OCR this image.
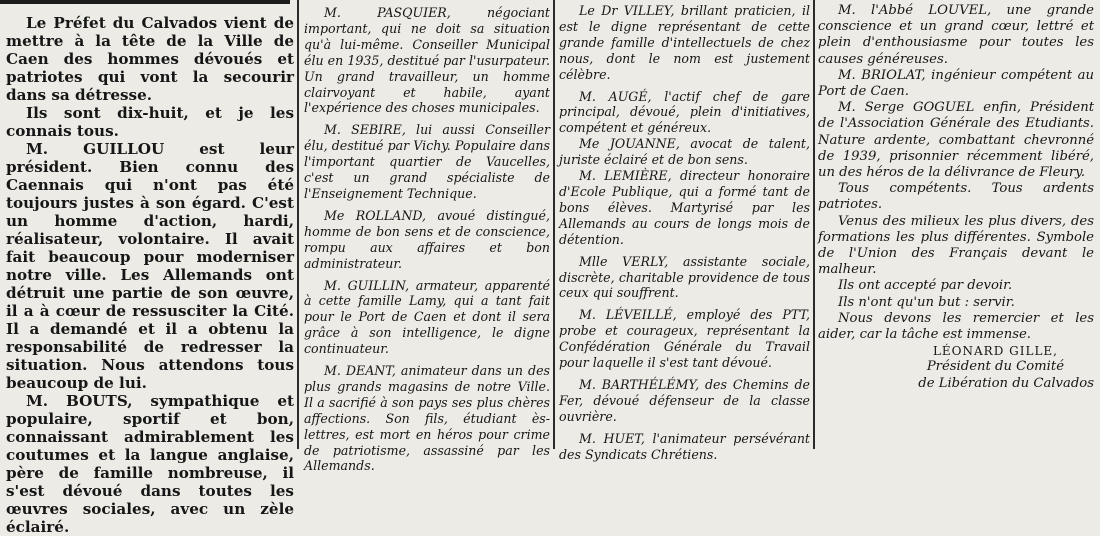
Le Préfet du Calvados vient de mettre à la tête de la Ville de Caen des hommes dévoués et patriotes qui vont la secourir dans sa détresse.

Ils sont dix-huit, et je les connais tous.

M. GUILLOU est leur président. Bien connu des Caennais qui n'ont pas été toujours justes à son égard. C'est un homme d'action, hardi, réalisateur, volontaire. Il avait fait beaucoup pour moderniser notre ville. Les Allemands ont détruit une partie de son œuvre, il a à cœur de ressusciter la Cité. Il a demandé et il a obtenu la responsabilité de redresser la situation. Nous attendons tous beaucoup de lui.

M. BOUTS, sympathique et populaire, sportif et bon, connaissant admirablement les coutumes et la langue anglaise, père de famille nombreuse, il s'est dévoué dans toutes les œuvres sociales, avec un zèle éclairé.

M. PASQUIER, négociant important, qui ne doit sa situation qu'à lui-même. Conseiller Municipal élu en 1935, destitué par l'usurpateur. Un grand travailleur, un homme clairvoyant et habile, ayant l'expérience des choses municipales.

M. SEBIRE, lui aussi Conseiller élu, destitué par Vichy. Populaire dans l'important quartier de Vaucelles, c'est un grand spécialiste de l'Enseignement Technique.

Me ROLLAND, avoué distingué, homme de bon sens et de conscience, rompu aux affaires et bon administrateur.

M. GUILLIN, armateur, apparenté à cette famille Lamy, qui a tant fait pour le Port de Caen et dont il sera grâce à son intelligence, le digne continuateur.

M. DEANT, animateur dans un des plus grands magasins de notre Ville. Il a sacrifié à son pays ses plus chères affections. Son fils, étudiant ès-lettres, est mort en héros pour crime de patriotisme, assassiné par les Allemands.

Le Dr VILLEY, brillant praticien, il est le digne représentant de cette grande famille d'intellectuels de chez nous, dont le nom est justement célèbre.

M. AUGÉ, l'actif chef de gare principal, dévoué, plein d'initiatives, compétent et généreux.

Me JOUANNE, avocat de talent, juriste éclairé et de bon sens.

M. LEMIÈRE, directeur honoraire d'Ecole Publique, qui a formé tant de bons élèves. Martyrisé par les Allemands au cours de longs mois de détention.

Mlle VERLY, assistante sociale, discrète, charitable providence de tous ceux qui souffrent.

M. LÉVEILLÉ, employé des PTT, probe et courageux, représentant la Confédération Générale du Travail pour laquelle il s'est tant dévoué.

M. BARTHÉLÉMY, des Chemins de Fer, dévoué défenseur de la classe ouvrière.

M. HUET, l'animateur persévérant des Syndicats Chrétiens.

M. l'Abbé LOUVEL, une grande conscience et un grand cœur, lettré et plein d'enthousiasme pour toutes les causes généreuses.

M. BRIOLAT, ingénieur compétent au Port de Caen.

M. Serge GOGUEL enfin, Président de l'Association Générale des Etudiants. Nature ardente, combattant chevronné de 1939, prisonnier récemment libéré, un des héros de la délivrance de Fleury.

Tous compétents. Tous ardents patriotes.

Venus des milieux les plus divers, des formations les plus différentes. Symbole de l'Union des Français devant le malheur.

Ils ont accepté par devoir.

Ils n'ont qu'un but : servir.

Nous devons les remercier et les aider, car la tâche est immense.

LÉONARD GILLE,

Président du Comité

de Libération du Calvados
